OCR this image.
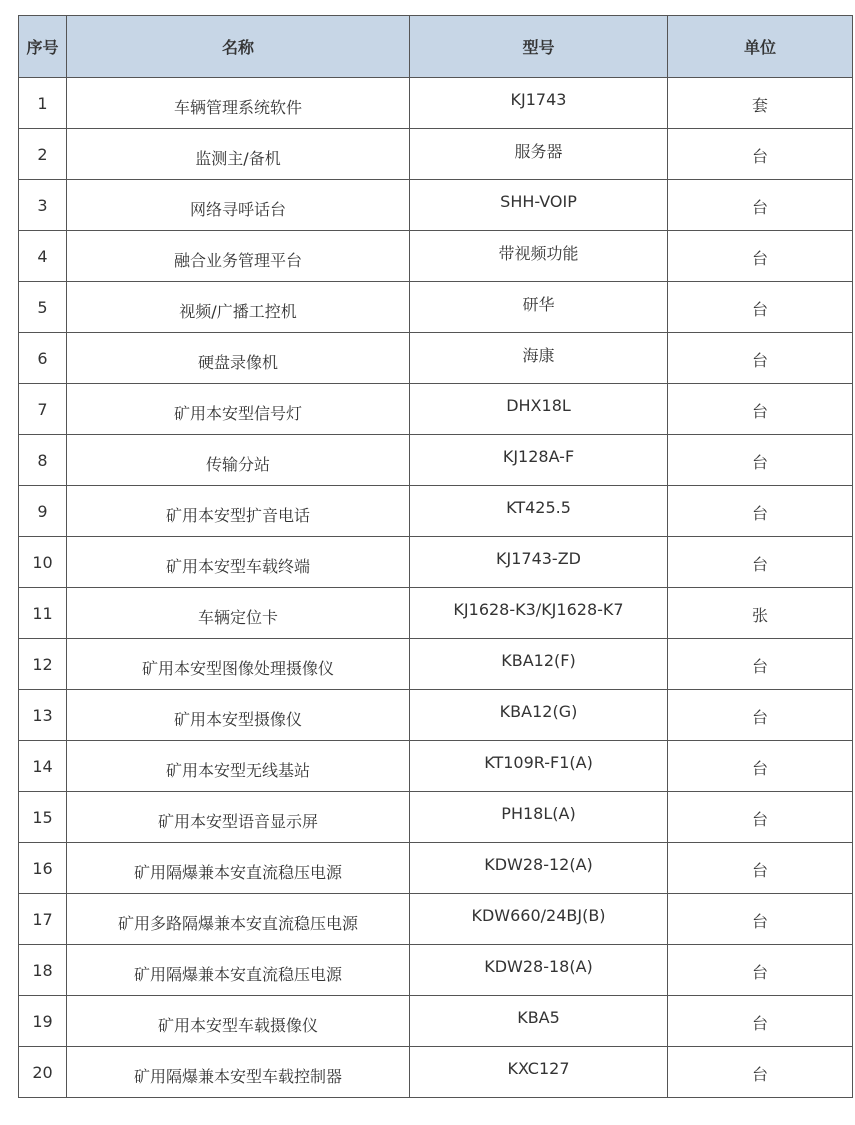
序号	名称	型号	单位
1	车辆管理系统软件	KJ1743	套
2	监测主/备机	服务器	台
3	网络寻呼话台	SHH-VOIP	台
4	融合业务管理平台	带视频功能	台
5	视频/广播工控机	研华	台
6	硬盘录像机	海康	台
7	矿用本安型信号灯	DHX18L	台
8	传输分站	KJ128A-F	台
9	矿用本安型扩音电话	KT425.5	台
10	矿用本安型车载终端	KJ1743-ZD	台
11	车辆定位卡	KJ1628-K3/KJ1628-K7	张
12	矿用本安型图像处理摄像仪	KBA12(F)	台
13	矿用本安型摄像仪	KBA12(G)	台
14	矿用本安型无线基站	KT109R-F1(A)	台
15	矿用本安型语音显示屏	PH18L(A)	台
16	矿用隔爆兼本安直流稳压电源	KDW28-12(A)	台
17	矿用多路隔爆兼本安直流稳压电源	KDW660/24BJ(B)	台
18	矿用隔爆兼本安直流稳压电源	KDW28-18(A)	台
19	矿用本安型车载摄像仪	KBA5	台
20	矿用隔爆兼本安型车载控制器	KXC127	台
